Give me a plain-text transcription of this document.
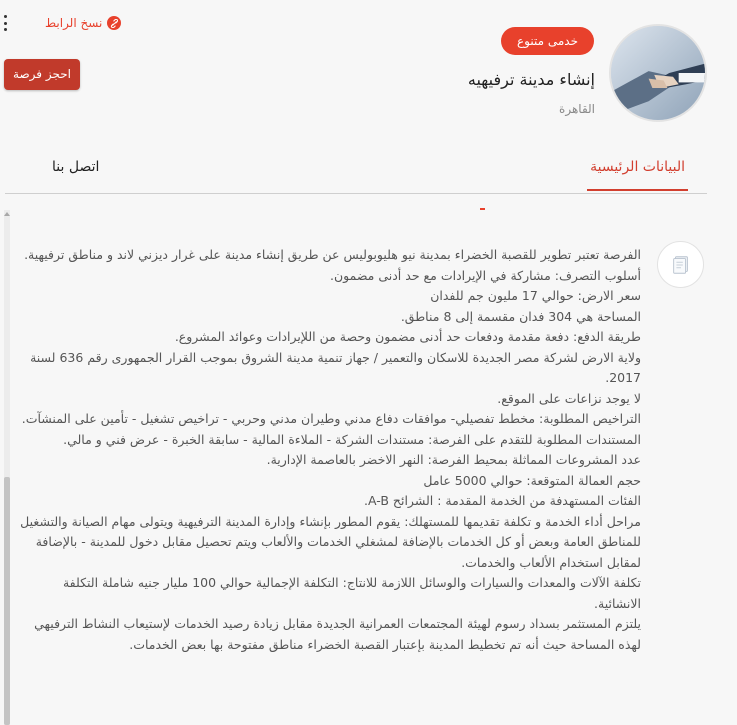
خدمى متنوع
إنشاء مدينة ترفيهيه
القاهرة
نسخ الرابط
احجز فرصة
البيانات الرئيسية
اتصل بنا

الفرصة تعتبر تطوير للقصبة الخضراء بمدينة نيو هليوبوليس عن طريق إنشاء مدينة على غرار ديزني لاند و مناطق ترفيهية.

أسلوب التصرف: مشاركة في الإيرادات مع حد أدنى مضمون.

سعر الارض: حوالي 17 مليون جم للفدان

المساحة هي 304 فدان مقسمة إلى 8 مناطق.

طريقة الدفع: دفعة مقدمة ودفعات حد أدنى مضمون وحصة من اللإيرادات وعوائد المشروع.

ولاية الارض لشركة مصر الجديدة للاسكان والتعمير / جهاز تنمية مدينة الشروق بموجب القرار الجمهورى رقم 636 لسنة 2017.

لا يوجد نزاعات على الموقع.

التراخيص المطلوبة: مخطط تفصيلي- موافقات دفاع مدني وطيران مدني وحربي - تراخيص تشغيل - تأمين على المنشآت.

المستندات المطلوبة للتقدم على الفرصة: مستندات الشركة - الملاءة المالية - سابقة الخبرة - عرض فني و مالي.

عدد المشروعات المماثلة بمحيط الفرصة: النهر الاخضر بالعاصمة الإدارية.

حجم العمالة المتوقعة: حوالي 5000 عامل

الفئات المستهدفة من الخدمة المقدمة : الشرائح A-B.

مراحل أداء الخدمة و تكلفة تقديمها للمستهلك: يقوم المطور بإنشاء وإدارة المدينة الترفيهية ويتولى مهام الصيانة والتشغيل للمناطق العامة وبعض أو كل الخدمات بالإضافة لمشغلي الخدمات والألعاب ويتم تحصيل مقابل دخول للمدينة - بالإضافة لمقابل استخدام الألعاب والخدمات.

تكلفة الآلات والمعدات والسيارات والوسائل اللازمة للانتاج: التكلفة الإجمالية حوالي 100 مليار جنيه شاملة التكلفة الانشائية.

يلتزم المستثمر بسداد رسوم لهيئة المجتمعات العمرانية الجديدة مقابل زيادة رصيد الخدمات لإستيعاب النشاط الترفيهي لهذه المساحة حيث أنه تم تخطيط المدينة بإعتبار القصبة الخضراء مناطق مفتوحة بها بعض الخدمات.
